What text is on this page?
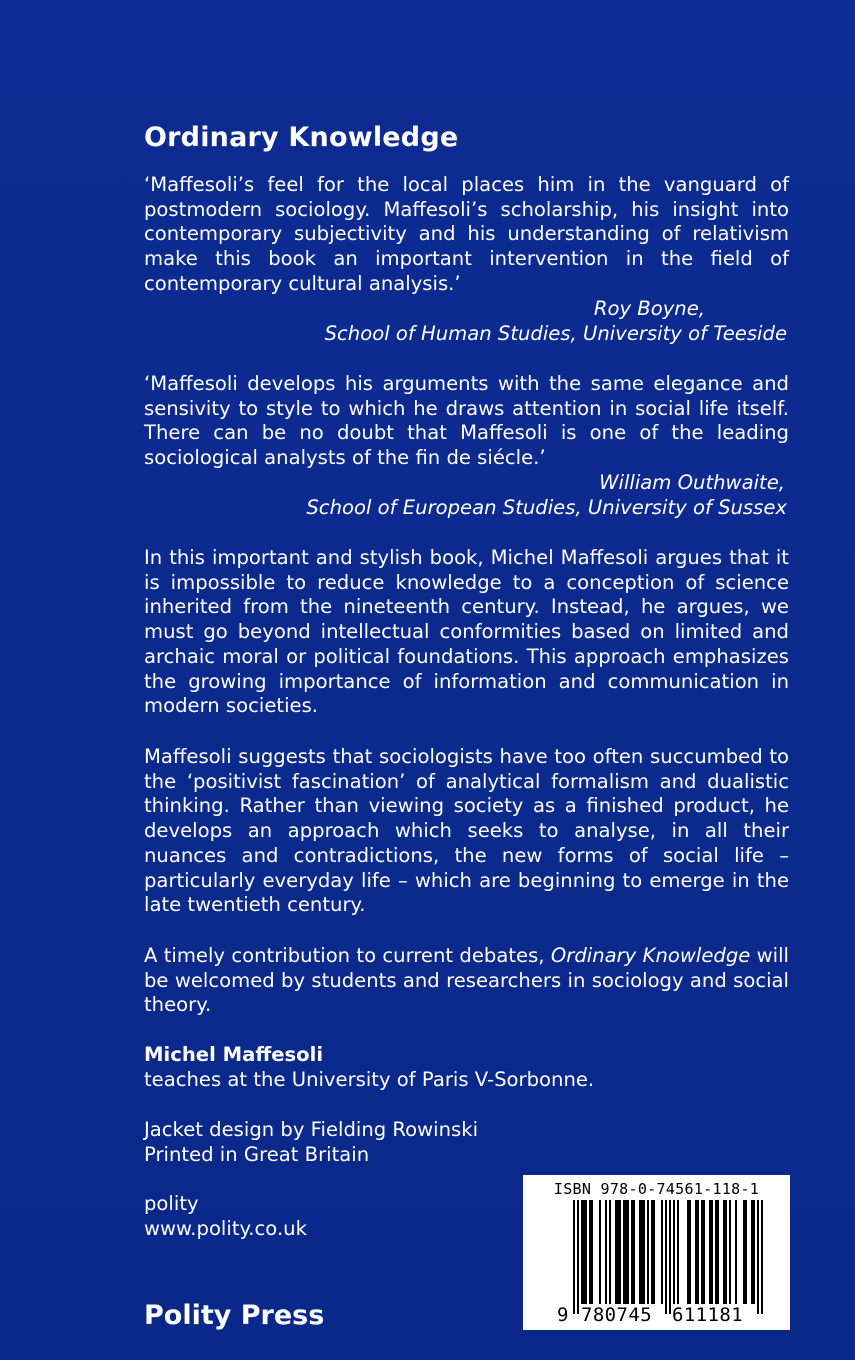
Ordinary Knowledge
‘Maffesoli’s feel for the local places him in the vanguard of postmodern sociology. Maffesoli’s scholarship, his insight into contemporary subjectivity and his understanding of relativism make this book an important intervention in the field of contemporary cultural analysis.’
Roy Boyne,
School of Human Studies, University of Teeside
‘Maffesoli develops his arguments with the same elegance and sensivity to style to which he draws attention in social life itself. There can be no doubt that Maffesoli is one of the leading sociological analysts of the fin de siécle.’
William Outhwaite,
School of European Studies, University of Sussex
In this important and stylish book, Michel Maffesoli argues that it is impossible to reduce knowledge to a conception of science inherited from the nineteenth century. Instead, he argues, we must go beyond intellectual conformities based on limited and archaic moral or political foundations. This approach emphasizes the growing importance of information and communication in modern societies.
Maffesoli suggests that sociologists have too often succumbed to the ‘positivist fascination’ of analytical formalism and dualistic thinking. Rather than viewing society as a finished product, he develops an approach which seeks to analyse, in all their nuances and contradictions, the new forms of social life – particularly everyday life – which are beginning to emerge in the late twentieth century.
A timely contribution to current debates, Ordinary Knowledge will be welcomed by students and researchers in sociology and social theory.
Michel Maffesoli
teaches at the University of Paris V-Sorbonne.
Jacket design by Fielding Rowinski
Printed in Great Britain
polity
www.polity.co.uk
Polity Press
ISBN 978-0-74561-118-1
9 780745 611181
